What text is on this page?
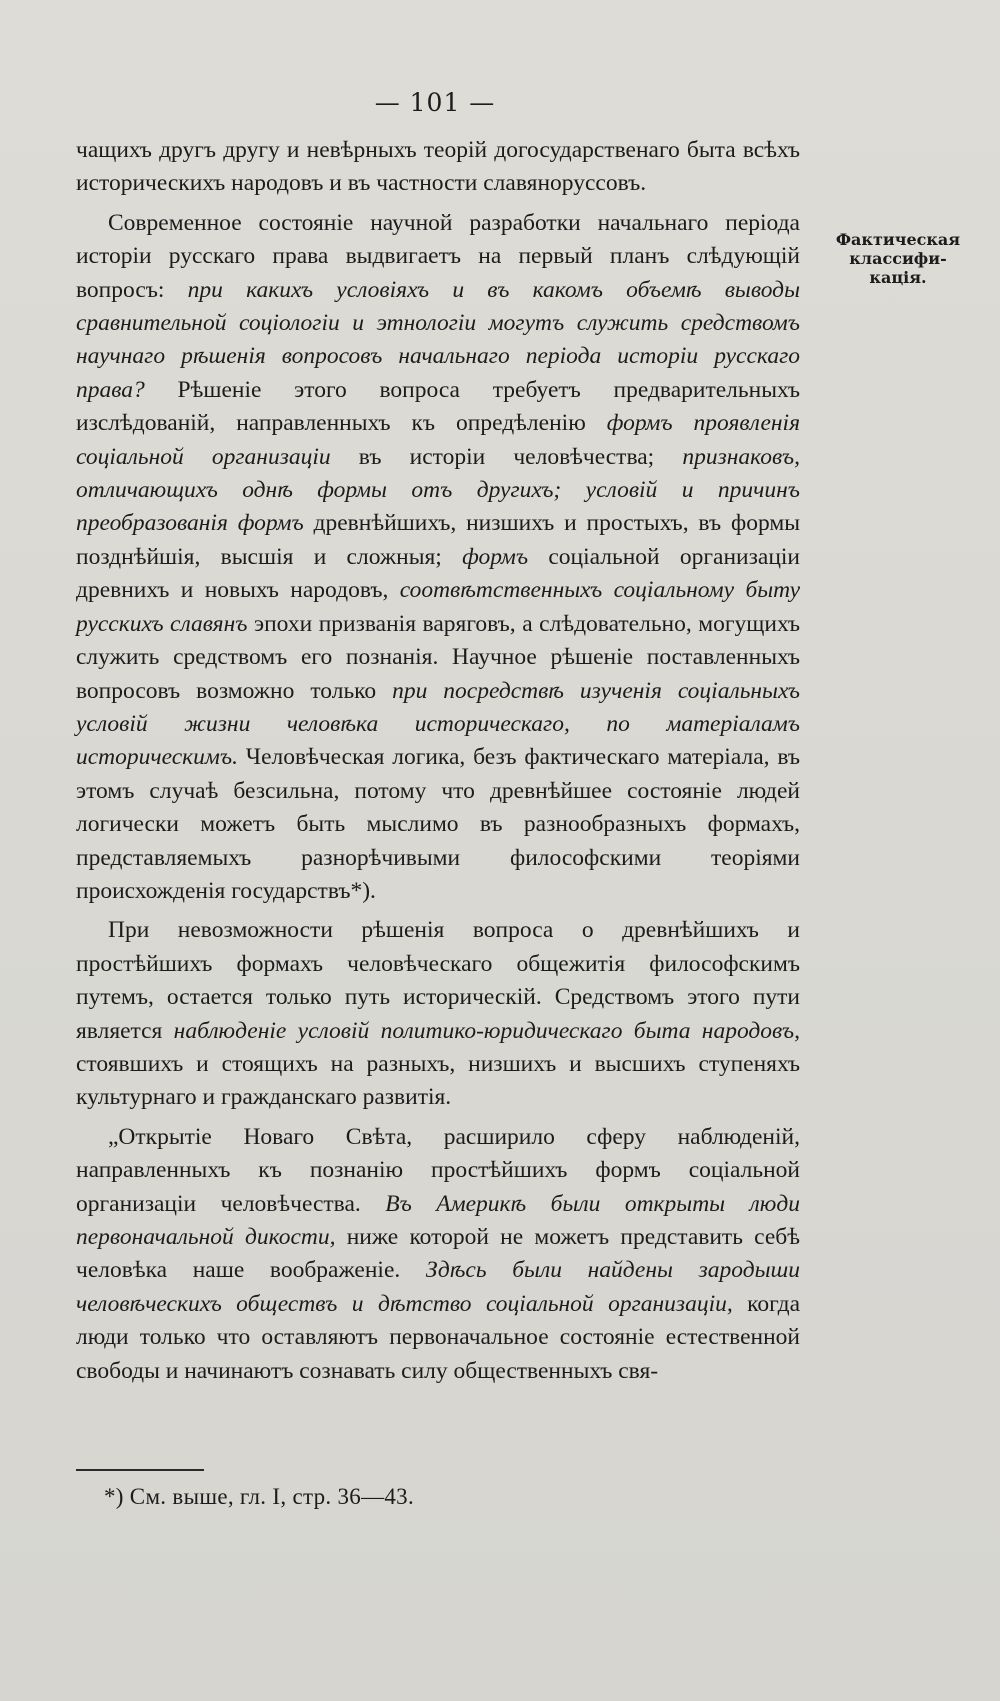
— 101 —
Фактическая
классифи-
кація.

чащихъ другъ другу и невѣрныхъ теорій догосударственаго быта всѣхъ историческихъ народовъ и въ частности славяноруссовъ.

Современное состояніе научной разработки начальнаго періода исторіи русскаго права выдвигаетъ на первый планъ слѣдующій вопросъ: при какихъ условіяхъ и въ какомъ объемѣ выводы сравнительной соціологіи и этнологіи могутъ служить средствомъ научнаго рѣшенія вопросовъ начальнаго періода исторіи русскаго права? Рѣшеніе этого вопроса требуетъ предварительныхъ изслѣдованій, направленныхъ къ опредѣленію формъ проявленія соціальной организаціи въ исторіи человѣчества; признаковъ, отличающихъ однѣ формы отъ другихъ; условій и причинъ преобразованія формъ древнѣйшихъ, низшихъ и простыхъ, въ формы позднѣйшія, высшія и сложныя; формъ соціальной организаціи древнихъ и новыхъ народовъ, соотвѣтственныхъ соціальному быту русскихъ славянъ эпохи призванія варяговъ, а слѣдовательно, могущихъ служить средствомъ его познанія. Научное рѣшеніе поставленныхъ вопросовъ возможно только при посредствѣ изученія соціальныхъ условій жизни человѣка историческаго, по матеріаламъ историческимъ. Человѣческая логика, безъ фактическаго матеріала, въ этомъ случаѣ безсильна, потому что древнѣйшее состояніе людей логически можетъ быть мыслимо въ разнообразныхъ формахъ, представляемыхъ разнорѣчивыми философскими теоріями происхожденія государствъ*).

При невозможности рѣшенія вопроса о древнѣйшихъ и простѣйшихъ формахъ человѣческаго общежитія философскимъ путемъ, остается только путь историческій. Средствомъ этого пути является наблюденіе условій политико-юридическаго быта народовъ, стоявшихъ и стоящихъ на разныхъ, низшихъ и высшихъ ступеняхъ культурнаго и гражданскаго развитія.

„Открытіе Новаго Свѣта, расширило сферу наблюденій, направленныхъ къ познанію простѣйшихъ формъ соціальной организаціи человѣчества. Въ Америкѣ были открыты люди первоначальной дикости, ниже которой не можетъ представить себѣ человѣка наше воображеніе. Здѣсь были найдены зародыши человѣческихъ обществъ и дѣтство соціальной организаціи, когда люди только что оставляютъ первоначальное состояніе естественной свободы и начинаютъ сознавать силу общественныхъ свя-

*) См. выше, гл. I, стр. 36—43.
